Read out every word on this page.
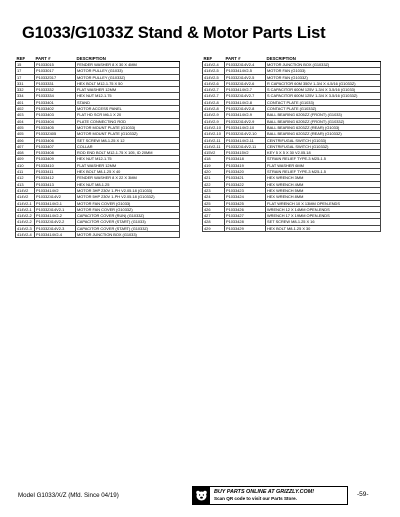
G1033/G1033Z Stand & Motor Parts List
REF	PART #	DESCRIPTION
15	P1033015	FENDER WASHER 8 X 30 X 4MM
17	P1033017	MOTOR PULLEY (G1033)
17	P1033Z017	MOTOR PULLEY (G1033Z)
331	P1033331	HEX BOLT M12-1.75 X 50
332	P1033332	FLAT WASHER 12MM
334	P1033334	HEX NUT M12-1.75
401	P1033401	STAND
402	P1033402	MOTOR ACCESS PANEL
403	P1033403	FLAT HD SCR M6-1 X 20
404	P1033404	PLATE CONNECTING ROD
405	P1033405	MOTOR MOUNT PLATE (G1033)
405	P1033Z405	MOTOR MOUNT PLATE (G1033Z)
406	P1033406	SET SCREW M8-1.25 X 12
407	P1033407	COLLAR
408	P1033408	ROD END BOLT M12-1.75 X 105, ID 20MM
409	P1033409	HEX NUT M12-1.75
410	P1033410	FLAT WASHER 12MM
411	P1033411	HEX BOLT M8-1.25 X 40
412	P1033412	FENDER WASHER 8 X 22 X 3MM
413	P1033413	HEX NUT M8-1.25
414V2	P1033414V2	MOTOR 3HP 230V 1-PH V2.05.18 (G1033)
414V2	P1033Z414V2	MOTOR 5HP 230V 1-PH V2.05.18 (G1033Z)
414V2-1	P1033414V2-1	MOTOR FAN COVER (G1033)
414V2-1	P1033Z414V2-1	MOTOR FAN COVER (G1033Z)
414V2-2	P1033414V2-2	CAPACITOR COVER (RUN) (G1033Z)
414V2-2	P1033Z414V2-2	CAPACITOR COVER (START) (G1033)
414V2-3	P1033Z414V2-3	CAPACITOR COVER (START) (G1033Z)
414V2-4	P1033414V2-4	MOTOR JUNCTION BOX (G1033)
REF	PART #	DESCRIPTION
414V2-4	P1033Z414V2-4	MOTOR JUNCTION BOX (G1033Z)
414V2-5	P1033414V2-5	MOTOR FAN (G1033)
414V2-5	P1033Z414V2-5	MOTOR FAN (G1033Z)
414V2-6	P1033Z414V2-6	R CAPACITOR 60M 350V 1-3/4 X 4-5/16 (G1033Z)
414V2-7	P1033414V2-7	S CAPACITOR 600M 125V 1-3/4 X 3-5/16 (G1033)
414V2-7	P1033Z414V2-7	S CAPACITOR 600M 125V 1-3/4 X 3-5/16 (G1033Z)
414V2-8	P1033414V2-8	CONTACT PLATE (G1033)
414V2-8	P1033Z414V2-8	CONTACT PLATE (G1033Z)
414V2-9	P1033414V2-9	BALL BEARING 6205ZZ (FRONT) (G1033)
414V2-9	P1033Z414V2-9	BALL BEARING 6205ZZ (FRONT) (G1033Z)
414V2-10	P1033414V2-10	BALL BEARING 6203ZZ (REAR) (G1033)
414V2-10	P1033Z414V2-10	BALL BEARING 6203ZZ (REAR) (G1033Z)
414V2-11	P1033414V2-11	CENTRIFUGAL SWITCH (G1033)
414V2-11	P1033Z414V2-11	CENTRIFUGAL SWITCH (G1033Z)
415V2	P1033415V2	KEY 5 X 5 X 30 V2.05.18
418	P1033418	STRAIN RELIEF TYPE-3 M25-1.5
419	P1033419	FLAT WASHER 6MM
420	P1033420	STRAIN RELIEF TYPE-3 M25-1.5
421	P1033421	HEX WRENCH 3MM
422	P1033422	HEX WRENCH 4MM
423	P1033423	HEX WRENCH 5MM
424	P1033424	HEX WRENCH 8MM
425	P1033425	FLAT WRENCH 10 X 13MM OPEN-ENDS
426	P1033426	WRENCH 12 X 14MM OPEN-ENDS
427	P1033427	WRENCH 17 X 19MM OPEN-ENDS
428	P1033428	SET SCREW M8-1.25 X 16
429	P1033429	HEX BOLT M8-1.25 X 30
Model G1033/X/Z (Mfd. Since 04/19)	BUY PARTS ONLINE AT GRIZZLY.COM!
Scan QR code to visit our Parts Store.	-59-
